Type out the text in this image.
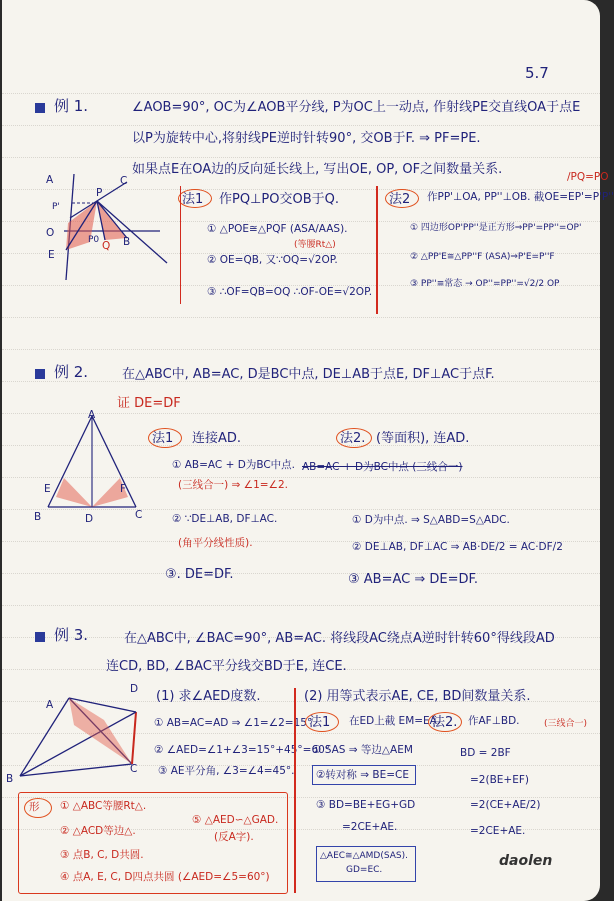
5.7
例 1.	∠AOB=90°, OC为∠AOB平分线, P为OC上一动点, 作射线PE交直线OA于点E
以P为旋转中心,将射线PE逆时针转90°, 交OB于F. ⇒ PF=PE.
如果点E在OA边的反向延长线上, 写出OE, OP, OF之间数量关系.	/PQ=PO
A	C
P
P'
O
E
P0 Q B
法1 作PQ⊥PO交OB于Q.
① △POE≅△PQF (ASA/AAS).
(等腰Rt△)
② OE=QB, 又∵OQ=√2OP.
③ ∴OF=QB=OQ ∴OF-OE=√2OP.
法2 作PP'⊥OA, PP''⊥OB. 截OE=EP'=P'P''
① 四边形OP'PP''是正方形⇒PP'=PP''=OP'
② △PP'E≅△PP''F (ASA)⇒P'E=P''F
③ PP''≡常态 → OP''=PP''=√2/2 OP
例 2.	在△ABC中, AB=AC, D是BC中点, DE⊥AB于点E, DF⊥AC于点F.
证 DE=DF
A
E	F
B	D	C
法1 连接AD.
① AB=AC + D为BC中点.
(三线合一) ⇒ ∠1=∠2.
② ∵DE⊥AB, DF⊥AC.
(角平分线性质).
③. DE=DF.
法2. (等面积), 连AD.
AB=AC + D为BC中点 (三线合一)
① D为中点. ⇒ S△ABD=S△ADC.
② DE⊥AB, DF⊥AC ⇒ AB·DE/2 = AC·DF/2
③ AB=AC ⇒ DE=DF.
例 3.	在△ABC中, ∠BAC=90°, AB=AC. 将线段AC绕点A逆时针转60°得线段AD
连CD, BD, ∠BAC平分线交BD于E, 连CE.
A
D
B
C
(1) 求∠AED度数.
① AB=AC=AD ⇒ ∠1=∠2=15°.
② ∠AED=∠1+∠3=15°+45°=60°
③ AE平分角, ∠3=∠4=45°.
(2) 用等式表示AE, CE, BD间数量关系.
法1 在ED上截 EM=EA.
① SAS ⇒ 等边△AEM
②转对称 ⇒ BE=CE
③ BD=BE+EG+GD
=2CE+AE.
△AEC≅△AMD(SAS).
GD=EC.
法2. 作AF⊥BD.	(三线合一)
BD = 2BF
=2(BE+EF)
=2(CE+AE/2)
=2CE+AE.
形 ① △ABC等腰Rt△.
② △ACD等边△.
③ 点B, C, D共圆.
④ 点A, E, C, D四点共圆 (∠AED=∠5=60°)
⑤ △AED∽△GAD.
(反A字).
daolen
